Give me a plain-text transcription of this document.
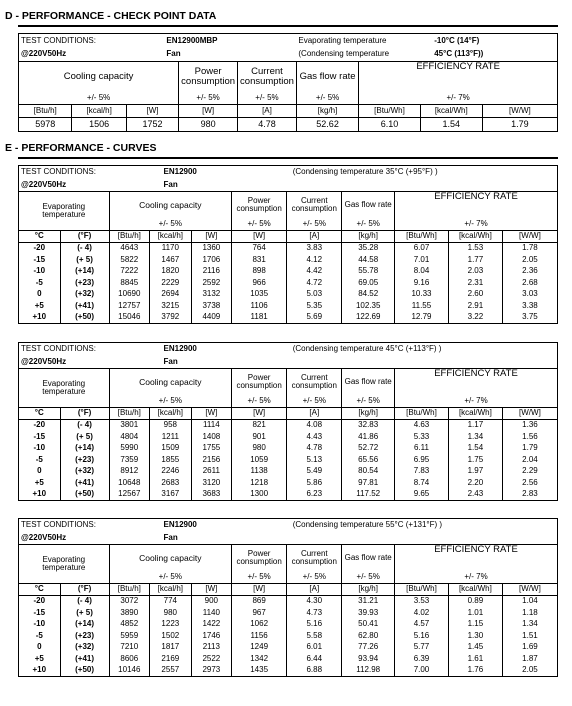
D - PERFORMANCE - CHECK POINT DATA
TEST CONDITIONS:		EN12900MBP			Evaporating temperature		-10°C (14°F)	
@220V50Hz		Fan			(Condensing temperature		45°C (113°F))	
Cooling capacity			Power consumption	Current consumption	Gas flow rate	EFFICIENCY RATE		
+/- 5%			+/- 5%	+/- 5%	+/- 5%	+/- 7%		
[Btu/h]	[kcal/h]	[W]	[W]	[A]	[kg/h]	[Btu/Wh]	[kcal/Wh]	[W/W]
5978	1506	1752	980	4.78	52.62	6.10	1.54	1.79
E - PERFORMANCE - CURVES
TEST CONDITIONS:			EN12900			(Condensing temperature 35°C (+95°F) )				
@220V50Hz			Fan							
Evaporating temperature		Cooling capacity			Power consumption	Current consumption	Gas flow rate	EFFICIENCY RATE		
		+/- 5%			+/- 5%	+/- 5%	+/- 5%	+/- 7%		
°C	(°F)	[Btu/h]	[kcal/h]	[W]	[W]	[A]	[kg/h]	[Btu/Wh]	[kcal/Wh]	[W/W]
-20	(- 4)	4643	1170	1360	764	3.83	35.28	6.07	1.53	1.78
-15	(+ 5)	5822	1467	1706	831	4.12	44.58	7.01	1.77	2.05
-10	(+14)	7222	1820	2116	898	4.42	55.78	8.04	2.03	2.36
-5	(+23)	8845	2229	2592	966	4.72	69.05	9.16	2.31	2.68
0	(+32)	10690	2694	3132	1035	5.03	84.52	10.33	2.60	3.03
+5	(+41)	12757	3215	3738	1106	5.35	102.35	11.55	2.91	3.38
+10	(+50)	15046	3792	4409	1181	5.69	122.69	12.79	3.22	3.75
TEST CONDITIONS:			EN12900			(Condensing temperature 45°C (+113°F) )				
@220V50Hz			Fan							
Evaporating temperature		Cooling capacity			Power consumption	Current consumption	Gas flow rate	EFFICIENCY RATE		
		+/- 5%			+/- 5%	+/- 5%	+/- 5%	+/- 7%		
°C	(°F)	[Btu/h]	[kcal/h]	[W]	[W]	[A]	[kg/h]	[Btu/Wh]	[kcal/Wh]	[W/W]
-20	(- 4)	3801	958	1114	821	4.08	32.83	4.63	1.17	1.36
-15	(+ 5)	4804	1211	1408	901	4.43	41.86	5.33	1.34	1.56
-10	(+14)	5990	1509	1755	980	4.78	52.72	6.11	1.54	1.79
-5	(+23)	7359	1855	2156	1059	5.13	65.56	6.95	1.75	2.04
0	(+32)	8912	2246	2611	1138	5.49	80.54	7.83	1.97	2.29
+5	(+41)	10648	2683	3120	1218	5.86	97.81	8.74	2.20	2.56
+10	(+50)	12567	3167	3683	1300	6.23	117.52	9.65	2.43	2.83
TEST CONDITIONS:			EN12900			(Condensing temperature 55°C (+131°F) )				
@220V50Hz			Fan							
Evaporating temperature		Cooling capacity			Power consumption	Current consumption	Gas flow rate	EFFICIENCY RATE		
		+/- 5%			+/- 5%	+/- 5%	+/- 5%	+/- 7%		
°C	(°F)	[Btu/h]	[kcal/h]	[W]	[W]	[A]	[kg/h]	[Btu/Wh]	[kcal/Wh]	[W/W]
-20	(- 4)	3072	774	900	869	4.30	31.21	3.53	0.89	1.04
-15	(+ 5)	3890	980	1140	967	4.73	39.93	4.02	1.01	1.18
-10	(+14)	4852	1223	1422	1062	5.16	50.41	4.57	1.15	1.34
-5	(+23)	5959	1502	1746	1156	5.58	62.80	5.16	1.30	1.51
0	(+32)	7210	1817	2113	1249	6.01	77.26	5.77	1.45	1.69
+5	(+41)	8606	2169	2522	1342	6.44	93.94	6.39	1.61	1.87
+10	(+50)	10146	2557	2973	1435	6.88	112.98	7.00	1.76	2.05
